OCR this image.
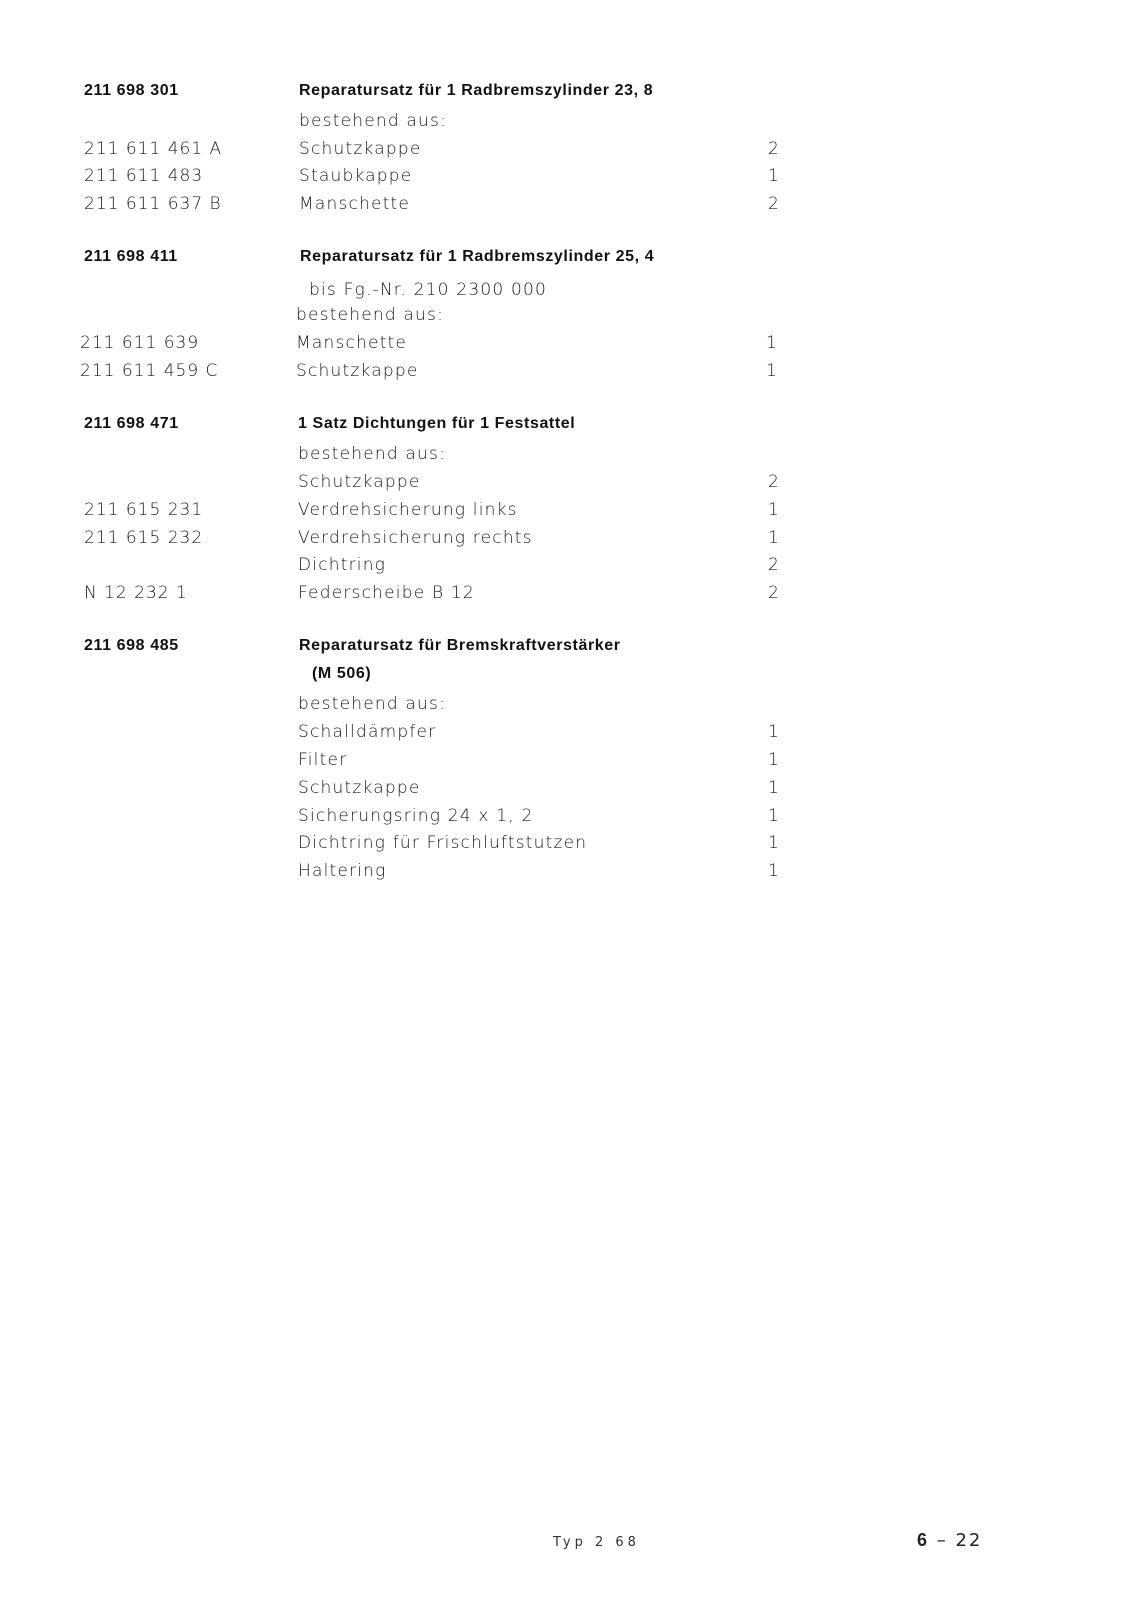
211 698 301	Reparatursatz für 1 Radbremszylinder 23, 8
bestehend aus:
211 611 461 A	Schutzkappe	2
211 611 483	Staubkappe	1
211 611 637 B	Manschette	2
211 698 411	Reparatursatz für 1 Radbremszylinder 25, 4
bis Fg.-Nr. 210 2300 000
bestehend aus:
211 611 639	Manschette	1
211 611 459 C	Schutzkappe	1
211 698 471	1 Satz Dichtungen für 1 Festsattel
bestehend aus:
Schutzkappe	2
211 615 231	Verdrehsicherung links	1
211 615 232	Verdrehsicherung rechts	1
Dichtring	2
N 12 232 1	Federscheibe B 12	2
211 698 485	Reparatursatz für Bremskraftverstärker
(M 506)
bestehend aus:
Schalldämpfer	1
Filter	1
Schutzkappe	1
Sicherungsring 24 x 1, 2	1
Dichtring für Frischluftstutzen	1
Haltering	1
Typ 2 68	6 – 22
